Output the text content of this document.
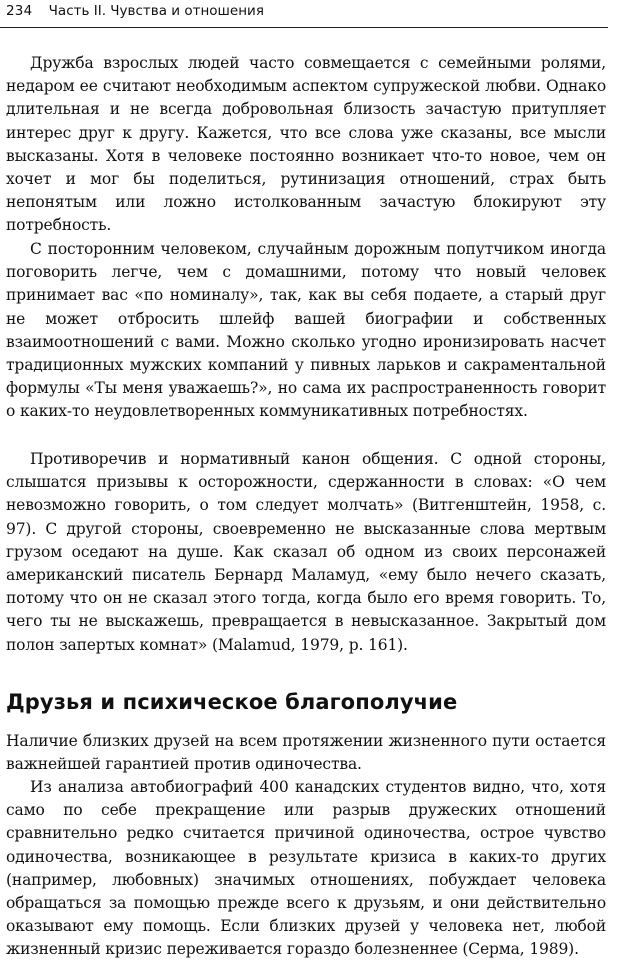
234 Часть II. Чувства и отношения

Дружба взрослых людей часто совмещается с семейными ролями, недаром ее считают необходимым аспектом супружеской любви. Однако длительная и не всегда добровольная близость зачастую притупляет интерес друг к другу. Кажется, что все слова уже сказаны, все мысли высказаны. Хотя в человеке постоянно возникает что-то новое, чем он хочет и мог бы поделиться, рутинизация отношений, страх быть непонятым или ложно истолкованным зачастую блокируют эту потребность.

С посторонним человеком, случайным дорожным попутчиком иногда поговорить легче, чем с домашними, потому что новый человек принимает вас «по номиналу», так, как вы себя подаете, а старый друг не может отбросить шлейф вашей биографии и собственных взаимоотношений с вами. Можно сколько угодно иронизировать насчет традиционных мужских компаний у пивных ларьков и сакраментальной формулы «Ты меня уважаешь?», но сама их распространенность говорит о каких-то неудовлетворенных коммуникативных потребностях.

Противоречив и нормативный канон общения. С одной стороны, слышатся призывы к осторожности, сдержанности в словах: «О чем невозможно говорить, о том следует молчать» (Витгенштейн, 1958, с. 97). С другой стороны, своевременно не высказанные слова мертвым грузом оседают на душе. Как сказал об одном из своих персонажей американский писатель Бернард Маламуд, «ему было нечего сказать, потому что он не сказал этого тогда, когда было его время говорить. То, чего ты не выскажешь, превращается в невысказанное. Закрытый дом полон запертых комнат» (Malamud, 1979, p. 161).

Друзья и психическое благополучие

Наличие близких друзей на всем протяжении жизненного пути остается важнейшей гарантией против одиночества.

Из анализа автобиографий 400 канадских студентов видно, что, хотя само по себе прекращение или разрыв дружеских отношений сравнительно редко считается причиной одиночества, острое чувство одиночества, возникающее в результате кризиса в каких-то других (например, любовных) значимых отношениях, побуждает человека обращаться за помощью прежде всего к друзьям, и они действительно оказывают ему помощь. Если близких друзей у человека нет, любой жизненный кризис переживается гораздо болезненнее (Серма, 1989).
